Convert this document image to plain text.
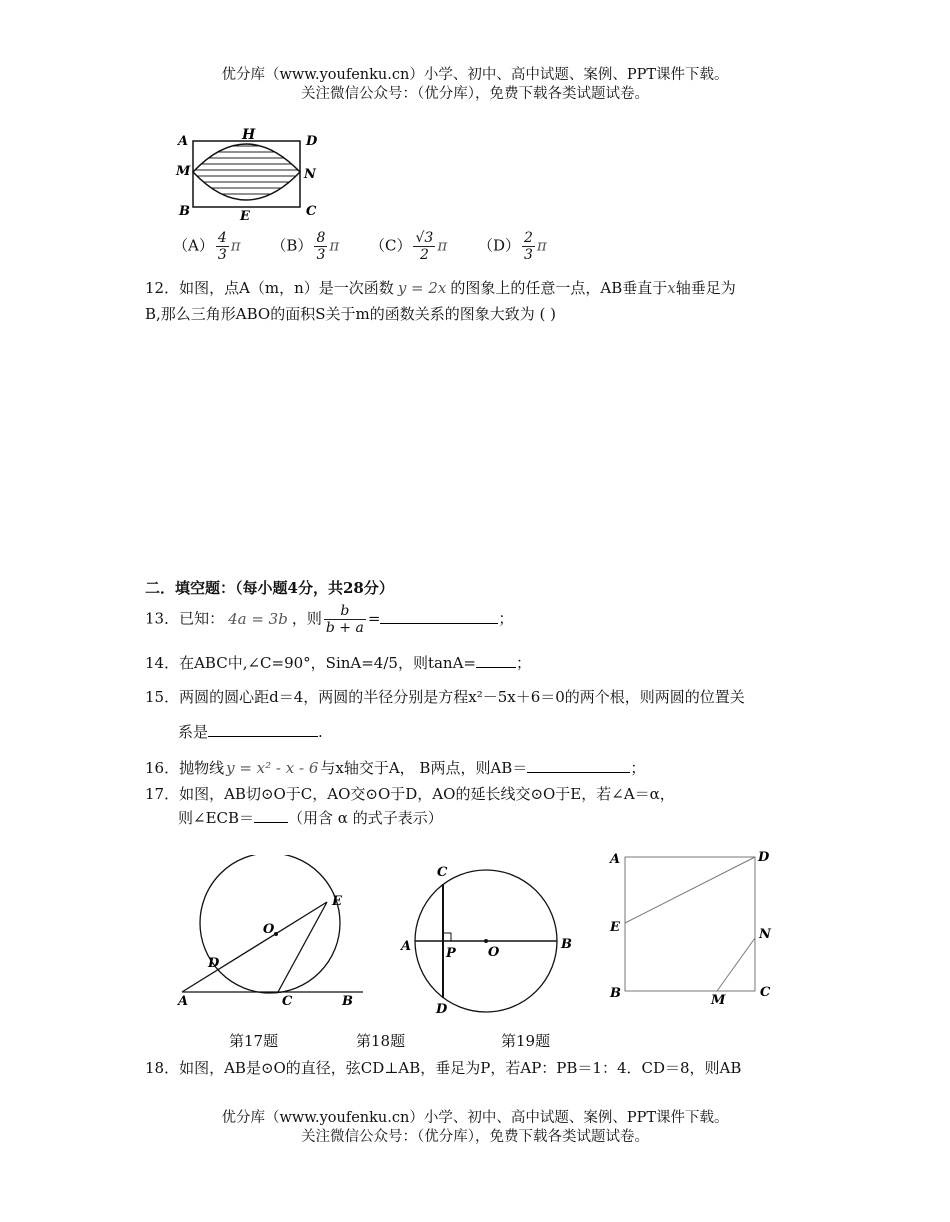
优分库（www.youfenku.cn）小学、初中、高中试题、案例、PPT课件下载。
关注微信公众号：（优分库），免费下载各类试题试卷。
A	H	D
M	N
B	E	C
$(A) \frac{4}{3}$ π $(B) \frac{8}{3}$ π $(C) \frac{√3}{2}$ π $(D) \frac{2}{3}$ π
12．如图，点A（m，n）是一次函数 y = 2x 的图象上的任意一点，AB垂直于x轴垂足为
B,那么三角形ABO的面积S关于m的函数关系的图象大致为 ( )
二．填空题：（每小题4分，共28分）
13．已知： 4a = 3b ，则 $\frac{b}{b + a}$ =	；
14．在ABC中,∠C=90°，SinA=4/5，则tanA=	；
15．两圆的圆心距d＝4，两圆的半径分别是方程x²－5x＋6＝0的两个根，则两圆的位置关
系是	.
16．抛物线 y = x² - x - 6 与x轴交于A， B两点，则AB＝	；
17．如图，AB切⊙O于C，AO交⊙O于D，AO的延长线交⊙O于E，若∠A＝α，
则∠ECB＝ （用含 α 的式子表示）
A
D
O
E
C	B
C
A	P O
B
D
A	D
E	N
B	M
C
第17题	第18题	第19题
18．如图，AB是⊙O的直径，弦CD⊥AB，垂足为P，若AP：PB＝1：4．CD＝8，则AB
优分库（www.youfenku.cn）小学、初中、高中试题、案例、PPT课件下载。
关注微信公众号：（优分库），免费下载各类试题试卷。
